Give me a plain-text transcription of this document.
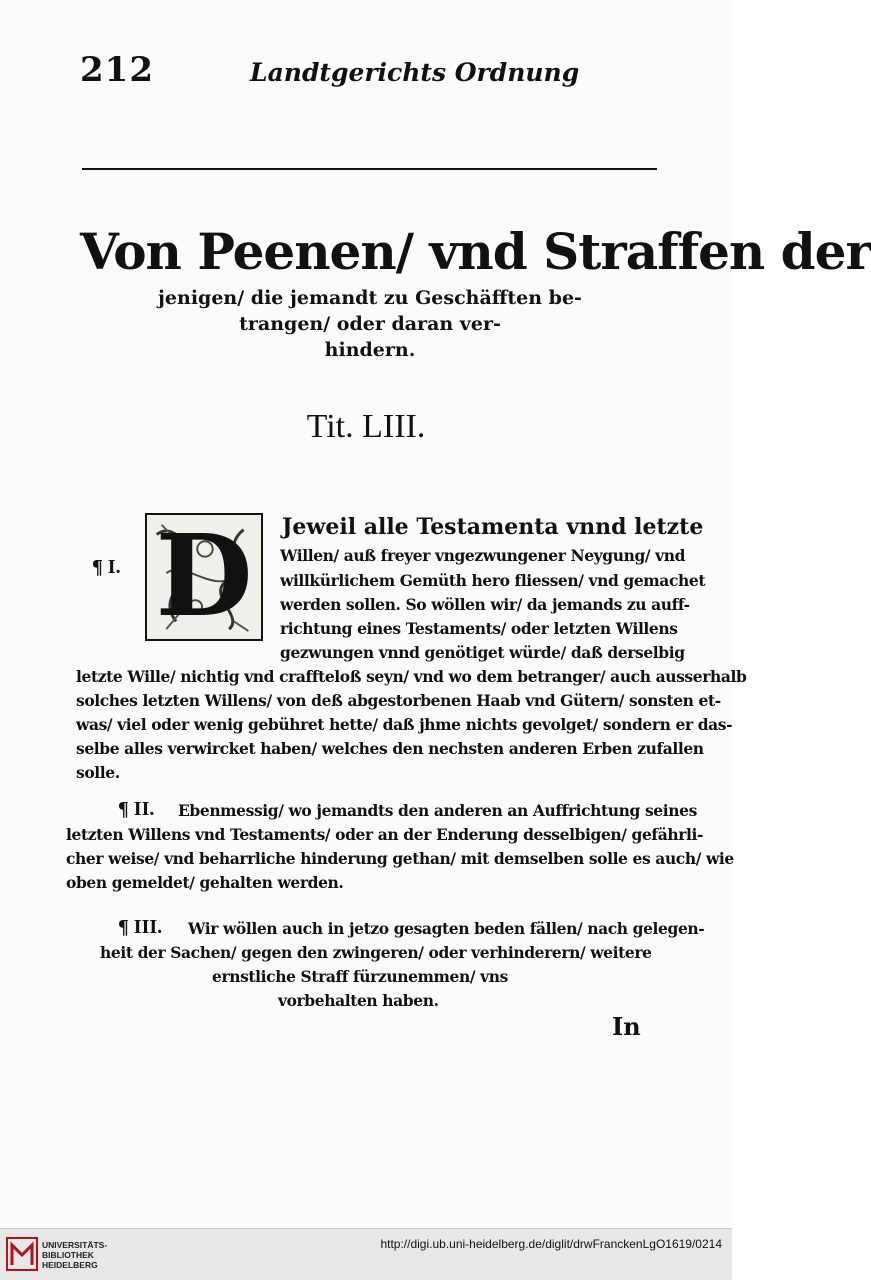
212	Landtgerichts Ordnung
Von Peenen/ vnd Straffen der
jenigen/ die jemandt zu Geschäfften be-
trangen/ oder daran ver-
hindern.
Tit. LIII.
D
¶ I.
Jeweil alle Testamenta vnnd letzte
Willen/ auß freyer vngezwungener Neygung/ vnd
willkürlichem Gemüth hero fliessen/ vnd gemachet
werden sollen. So wöllen wir/ da jemands zu auff-
richtung eines Testaments/ oder letzten Willens
gezwungen vnnd genötiget würde/ daß derselbig
letzte Wille/ nichtig vnd craffteloß seyn/ vnd wo dem betranger/ auch ausserhalb
solches letzten Willens/ von deß abgestorbenen Haab vnd Gütern/ sonsten et-
was/ viel oder wenig gebühret hette/ daß jhme nichts gevolget/ sondern er das-
selbe alles verwircket haben/ welches den nechsten anderen Erben zufallen
solle.
¶ II. Ebenmessig/ wo jemandts den anderen an Auffrichtung seines
letzten Willens vnd Testaments/ oder an der Enderung desselbigen/ gefährli-
cher weise/ vnd beharrliche hinderung gethan/ mit demselben solle es auch/ wie
oben gemeldet/ gehalten werden.
¶ III. Wir wöllen auch in jetzo gesagten beden fällen/ nach gelegen-
heit der Sachen/ gegen den zwingeren/ oder verhinderern/ weitere
ernstliche Straff fürzunemmen/ vns
vorbehalten haben.
In
UNIVERSITÄTS-
BIBLIOTHEK
HEIDELBERG
http://digi.ub.uni-heidelberg.de/diglit/drwFranckenLgO1619/0214
